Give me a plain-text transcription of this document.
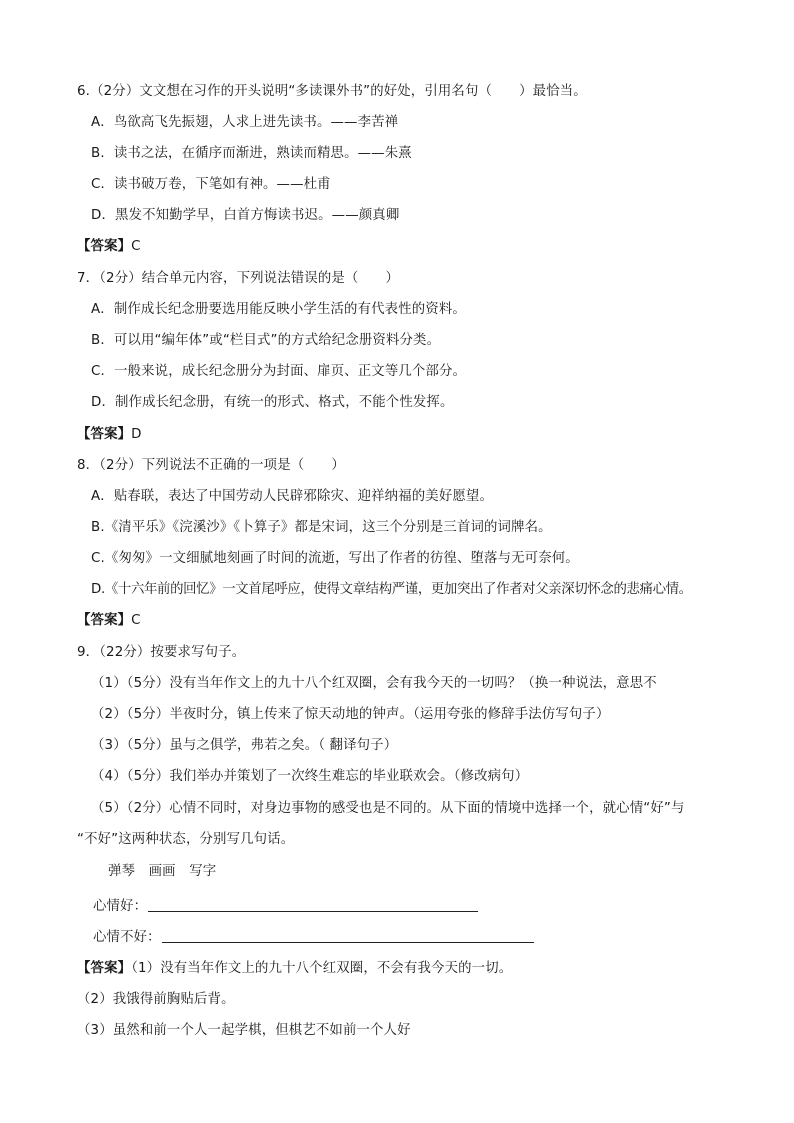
6.（2分）文文想在习作的开头说明“多读课外书”的好处，引用名句（　　）最恰当。
A．鸟欲高飞先振翅，人求上进先读书。——李苦禅
B．读书之法，在循序而渐进，熟读而精思。——朱熹
C．读书破万卷，下笔如有神。——杜甫
D．黑发不知勤学早，白首方悔读书迟。——颜真卿
【答案】C
7．（2分）结合单元内容，下列说法错误的是（　　）
A．制作成长纪念册要选用能反映小学生活的有代表性的资料。
B．可以用“编年体”或“栏目式”的方式给纪念册资料分类。
C．一般来说，成长纪念册分为封面、扉页、正文等几个部分。
D．制作成长纪念册，有统一的形式、格式，不能个性发挥。
【答案】D
8．（2分）下列说法不正确的一项是（　　）
A．贴春联，表达了中国劳动人民辟邪除灾、迎祥纳福的美好愿望。
B.《清平乐》《浣溪沙》《卜算子》都是宋词，这三个分别是三首词的词牌名。
C.《匆匆》一文细腻地刻画了时间的流逝，写出了作者的彷徨、堕落与无可奈何。
D.《十六年前的回忆》一文首尾呼应，使得文章结构严谨，更加突出了作者对父亲深切怀念的悲痛心情。
【答案】C
9．（22分）按要求写句子。
（1）（5分）没有当年作文上的九十八个红双圈，会有我今天的一切吗？（换一种说法，意思不
（2）（5分）半夜时分，镇上传来了惊天动地的钟声。（运用夸张的修辞手法仿写句子）
（3）（5分）虽与之俱学，弗若之矣。（ 翻译句子）
（4）（5分）我们举办并策划了一次终生难忘的毕业联欢会。（修改病句）
（5）（2分）心情不同时，对身边事物的感受也是不同的。从下面的情境中选择一个，就心情“好”与
“不好”这两种状态，分别写几句话。
弹琴　画画　写字
心情好：
心情不好：
【答案】（1）没有当年作文上的九十八个红双圈，不会有我今天的一切。
（2）我饿得前胸贴后背。
（3）虽然和前一个人一起学棋，但棋艺不如前一个人好
